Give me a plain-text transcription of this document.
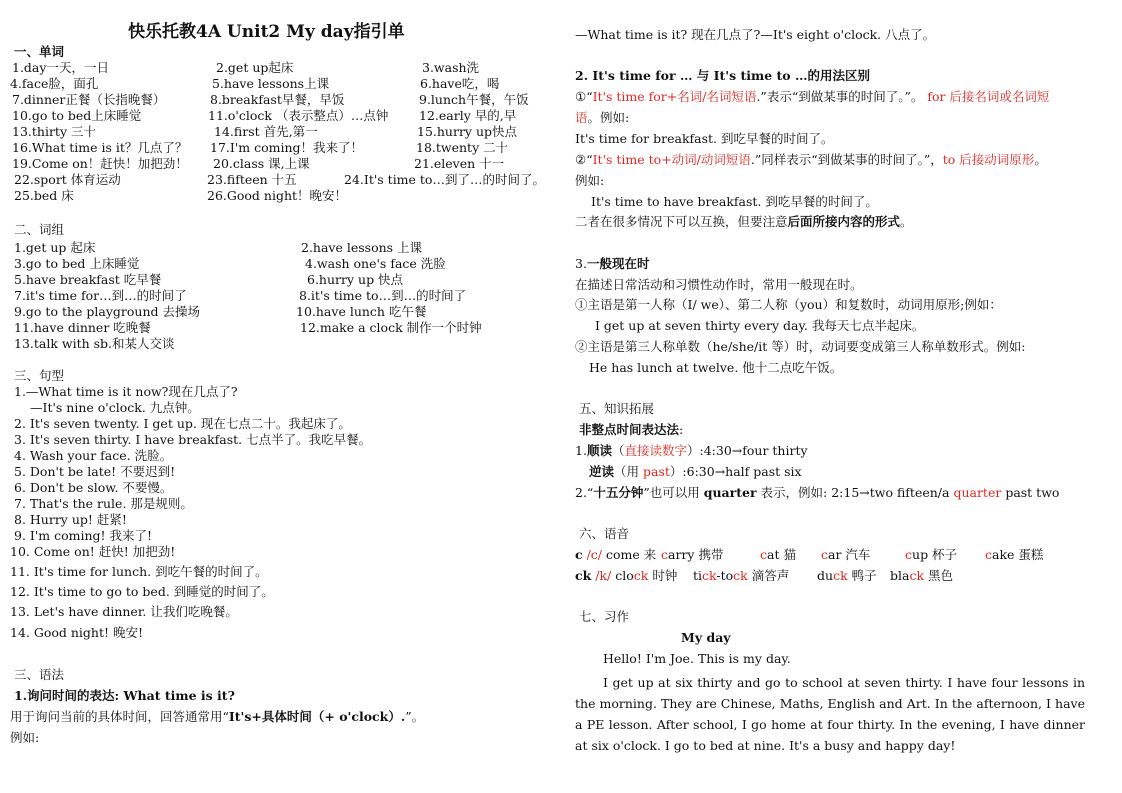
快乐托教4A Unit2 My day指引单
一、单词
1.day一天，一日	2.get up起床	3.wash洗
4.face脸，面孔	5.have lessons上课	6.have吃，喝
7.dinner正餐（长指晚餐）	8.breakfast早餐，早饭	9.lunch午餐，午饭
10.go to bed上床睡觉	11.o'clock （表示整点）…点钟 12.early 早的,早
13.thirty 三十	14.first 首先,第一	15.hurry up快点
16.What time is it？几点了？ 17.I'm coming！我来了！	18.twenty 二十
19.Come on！赶快！加把劲！ 20.class 课,上课	21.eleven 十一
22.sport 体育运动	23.fifteen 十五	24.It's time to…到了…的时间了。
25.bed 床	26.Good night！晚安！
二、词组
1.get up 起床	2.have lessons 上课
3.go to bed 上床睡觉	4.wash one's face 洗脸
5.have breakfast 吃早餐	6.hurry up 快点
7.it's time for…到…的时间了	8.it's time to…到…的时间了
9.go to the playground 去操场	10.have lunch 吃午餐
11.have dinner 吃晚餐	12.make a clock 制作一个时钟
13.talk with sb.和某人交谈
三、句型
1.—What time is it now?现在几点了?
—It's nine o'clock. 九点钟。
2. It's seven twenty. I get up. 现在七点二十。我起床了。
3. It's seven thirty. I have breakfast. 七点半了。我吃早餐。
4. Wash your face. 洗脸。
5. Don't be late! 不要迟到!
6. Don't be slow. 不要慢。
7. That's the rule. 那是规则。
8. Hurry up! 赶紧!
9. I'm coming! 我来了!
10. Come on! 赶快! 加把劲!
11. It's time for lunch. 到吃午餐的时间了。
12. It's time to go to bed. 到睡觉的时间了。
13. Let's have dinner. 让我们吃晚餐。
14. Good night! 晚安!
三、语法
1.询问时间的表达: What time is it?
用于询问当前的具体时间，回答通常用“It's+具体时间（+ o'clock）.”。
例如:
—What time is it? 现在几点了?—It's eight o'clock. 八点了。
2. It's time for … 与 It's time to …的用法区别
①“It's time for+名词/名词短语.”表示“到做某事的时间了。”。 for 后接名词或名词短
语。例如:
It's time for breakfast. 到吃早餐的时间了。
②“It's time to+动词/动词短语.”同样表示“到做某事的时间了。”，to 后接动词原形。
例如:
It's time to have breakfast. 到吃早餐的时间了。
二者在很多情况下可以互换，但要注意后面所接内容的形式。
3.一般现在时
在描述日常活动和习惯性动作时，常用一般现在时。
①主语是第一人称（I/ we）、第二人称（you）和复数时，动词用原形;例如：
I get up at seven thirty every day. 我每天七点半起床。
②主语是第三人称单数（he/she/it 等）时，动词要变成第三人称单数形式。例如:
He has lunch at twelve. 他十二点吃午饭。
五、知识拓展
非整点时间表达法:
1.顺读（直接读数字）:4:30→four thirty
逆读（用 past）:6:30→half past six
2.“十五分钟”也可以用 quarter 表示，例如: 2:15→two fifteen/a quarter past two
六、语音
c /c/ come 来 carry 携带	cat 猫 car 汽车	cup 杯子 cake 蛋糕
ck /k/ clock 时钟 tick-tock 滴答声 duck 鸭子 black 黑色
七、习作
My day
Hello! I'm Joe. This is my day.
I get up at six thirty and go to school at seven thirty. I have four lessons in the morning. They are Chinese, Maths, English and Art. In the afternoon, I have a PE lesson. After school, I go home at four thirty. In the evening, I have dinner at six o'clock. I go to bed at nine. It's a busy and happy day!
